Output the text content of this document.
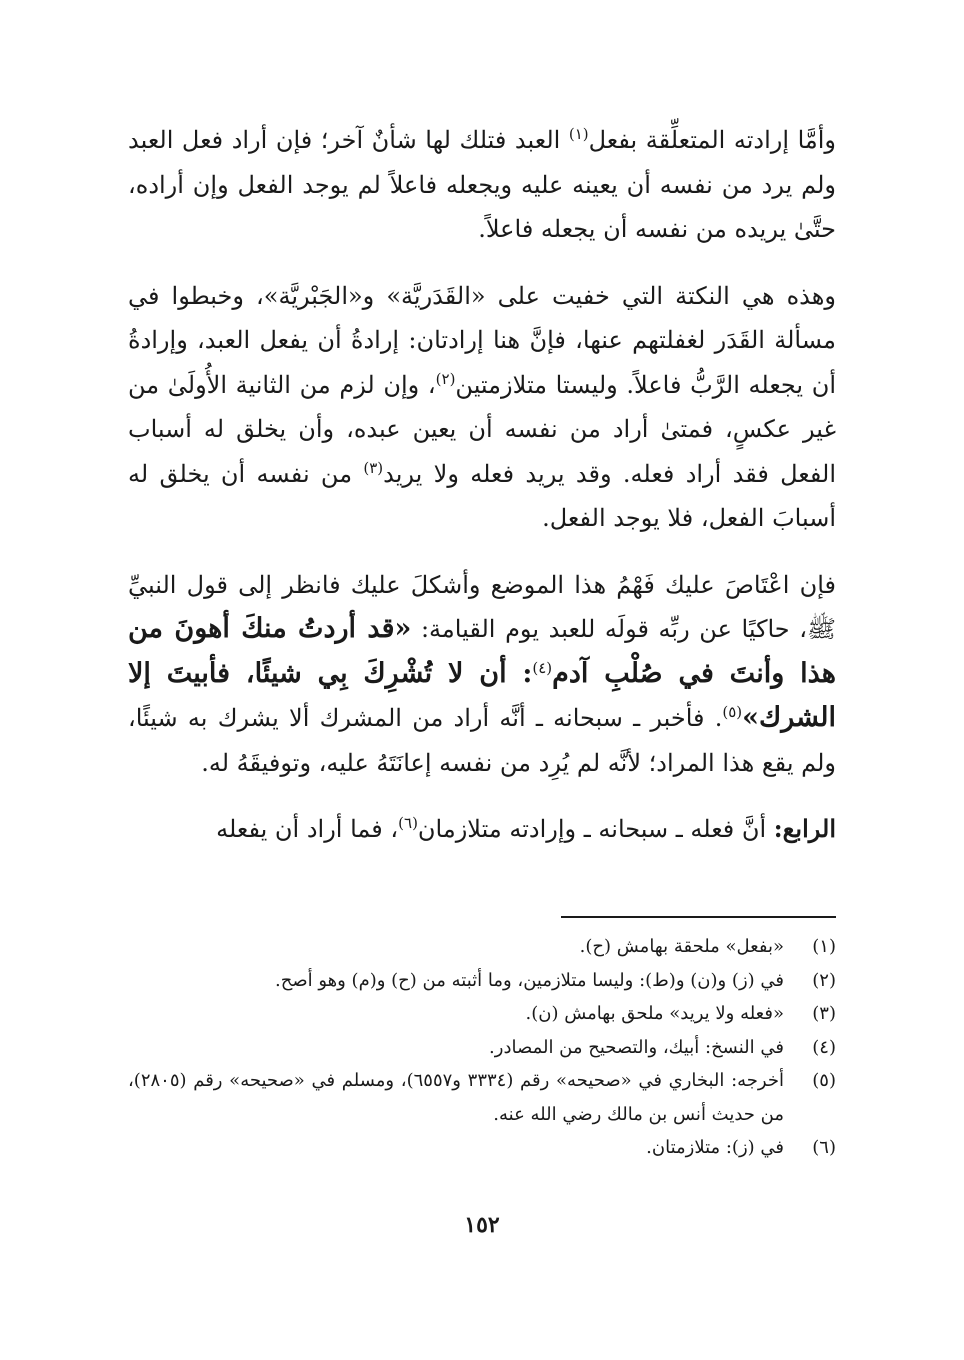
وأمَّا إرادته المتعلِّقة بفعل$^{(١)}$ العبد فتلك لها شأنٌ آخر؛ فإن أراد فعل العبد ولم يرد من نفسه أن يعينه عليه ويجعله فاعلاً لم يوجد الفعل وإن أراده، حتَّىٰ يريده من نفسه أن يجعله فاعلاً.

وهذه هي النكتة التي خفيت على «القَدَريَّة» و«الجَبْريَّة»، وخبطوا في مسألة القَدَر لغفلتهم عنها، فإنَّ هنا إرادتان: إرادةُ أن يفعل العبد، وإرادةُ أن يجعله الرَّبُّ فاعلاً. وليستا متلازمتين$^{(٢)}$، وإن لزم من الثانية الأُولَىٰ من غير عكسٍ، فمتىٰ أراد من نفسه أن يعين عبده، وأن يخلق له أسباب الفعل فقد أراد فعله. وقد يريد فعله ولا يريد$^{(٣)}$ من نفسه أن يخلق له أسبابَ الفعل، فلا يوجد الفعل.

فإن اعْتَاصَ عليك فَهْمُ هذا الموضع وأشكلَ عليك فانظر إلى قول النبيِّ ﷺ، حاكيًا عن ربِّه قولَه للعبد يوم القيامة: «قد أردتُ منكَ أهونَ من هذا وأنتَ في صُلْبِ آدم$^{(٤)}$: أن لا تُشْرِكَ بِي شيئًا، فأبيتَ إلا الشرك»$^{(٥)}$. فأخبر ـ سبحانه ـ أنَّه أراد من المشرك ألا يشرك به شيئًا، ولم يقع هذا المراد؛ لأنَّه لم يُرِد من نفسه إعانَتَهُ عليه، وتوفيقَهُ له.

الرابع: أنَّ فعله ـ سبحانه ـ وإرادته متلازمان$^{(٦)}$، فما أراد أن يفعله

(١)
«بفعل» ملحقة بهامش (ح).
(٢)
في (ز) و(ن) و(ط): وليسا متلازمين، وما أثبته من (ح) و(م) وهو أصح.
(٣)
«فعله ولا يريد» ملحق بهامش (ن).
(٤)
في النسخ: أبيك، والتصحيح من المصادر.
(٥)
أخرجه: البخاري في «صحيحه» رقم (٣٣٣٤ و٦٥٥٧)، ومسلم في «صحيحه» رقم (٢٨٠٥)، من حديث أنس بن مالك رضي الله عنه.
(٦)
في (ز): متلازمتان.
١٥٢
